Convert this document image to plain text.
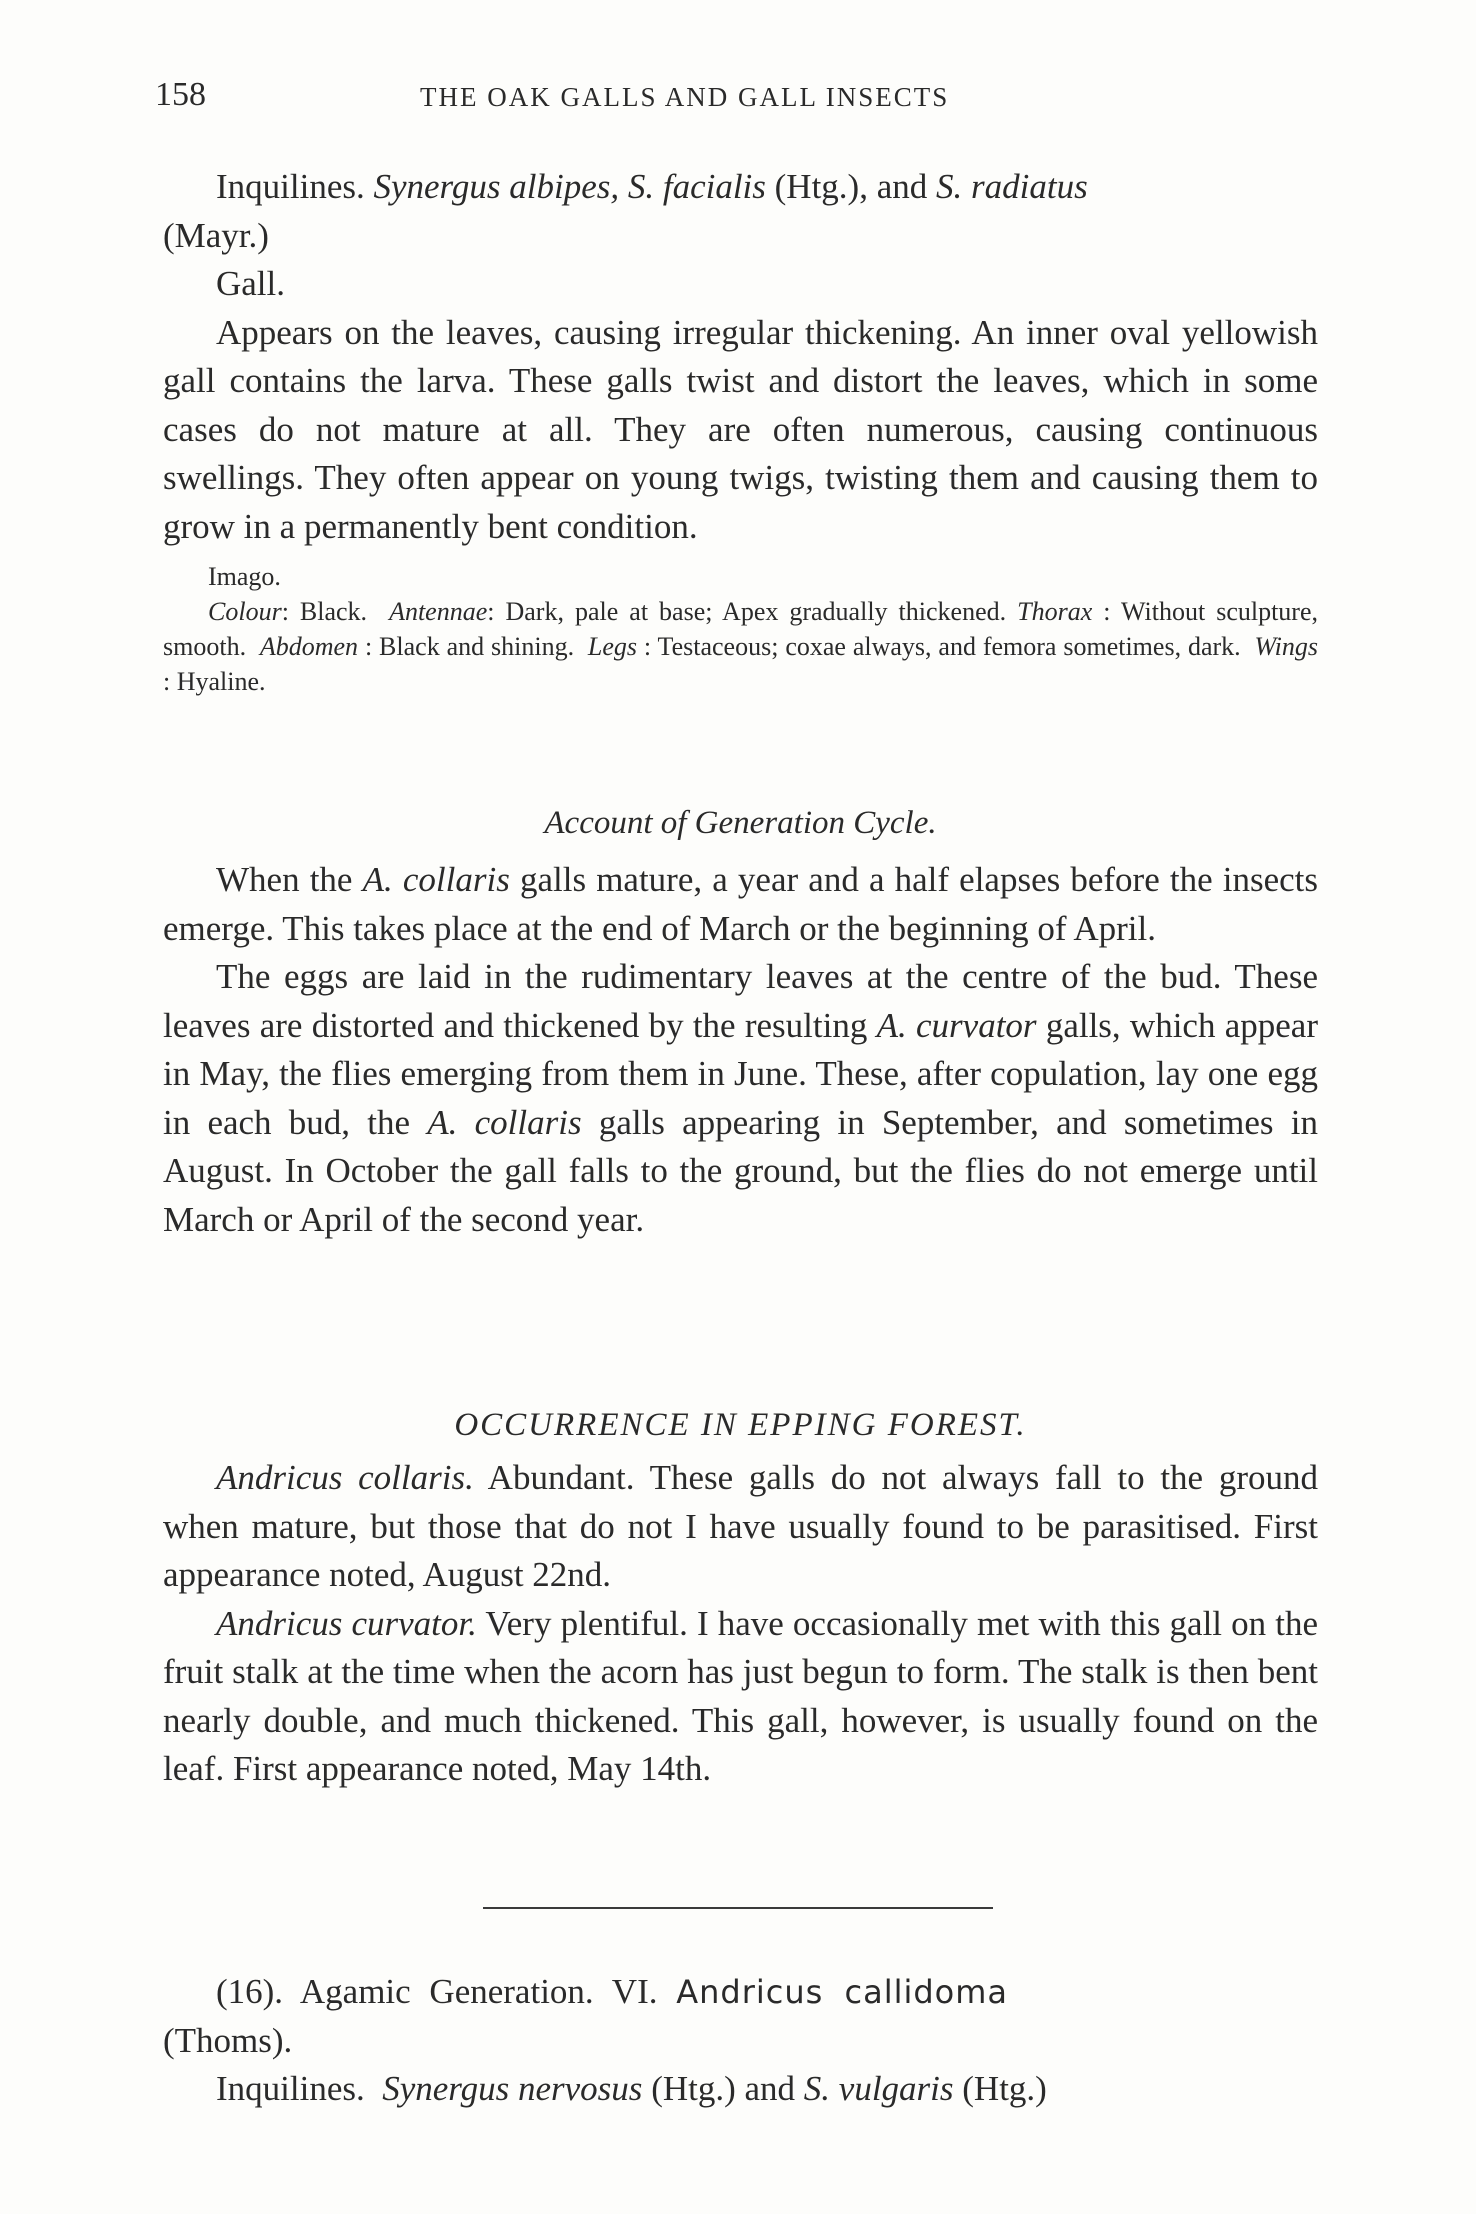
158	THE OAK GALLS AND GALL INSECTS

Inquilines. Synergus albipes, S. facialis (Htg.), and S. radiatus
(Mayr.)

Gall.

Appears on the leaves, causing irregular thickening. An inner oval yellowish gall contains the larva. These galls twist and distort the leaves, which in some cases do not mature at all. They are often numerous, causing continuous swellings. They often appear on young twigs, twisting them and causing them to grow in a permanently bent condition.

Imago.

Colour: Black. Antennae: Dark, pale at base; Apex gradually thickened. Thorax : Without sculpture, smooth. Abdomen : Black and shining. Legs : Testaceous; coxae always, and femora sometimes, dark. Wings : Hyaline.

Account of Generation Cycle.

When the A. collaris galls mature, a year and a half elapses before the insects emerge. This takes place at the end of March or the beginning of April.

The eggs are laid in the rudimentary leaves at the centre of the bud. These leaves are distorted and thickened by the resulting A. curvator galls, which appear in May, the flies emerging from them in June. These, after copulation, lay one egg in each bud, the A. collaris galls appearing in September, and sometimes in August. In October the gall falls to the ground, but the flies do not emerge until March or April of the second year.

OCCURRENCE IN EPPING FOREST.

Andricus collaris. Abundant. These galls do not always fall to the ground when mature, but those that do not I have usually found to be parasitised. First appearance noted, August 22nd.

Andricus curvator. Very plentiful. I have occasionally met with this gall on the fruit stalk at the time when the acorn has just begun to form. The stalk is then bent nearly double, and much thickened. This gall, however, is usually found on the leaf. First appearance noted, May 14th.

(16). Agamic Generation. VI. Andricus callidoma
(Thoms).

Inquilines. Synergus nervosus (Htg.) and S. vulgaris (Htg.)
